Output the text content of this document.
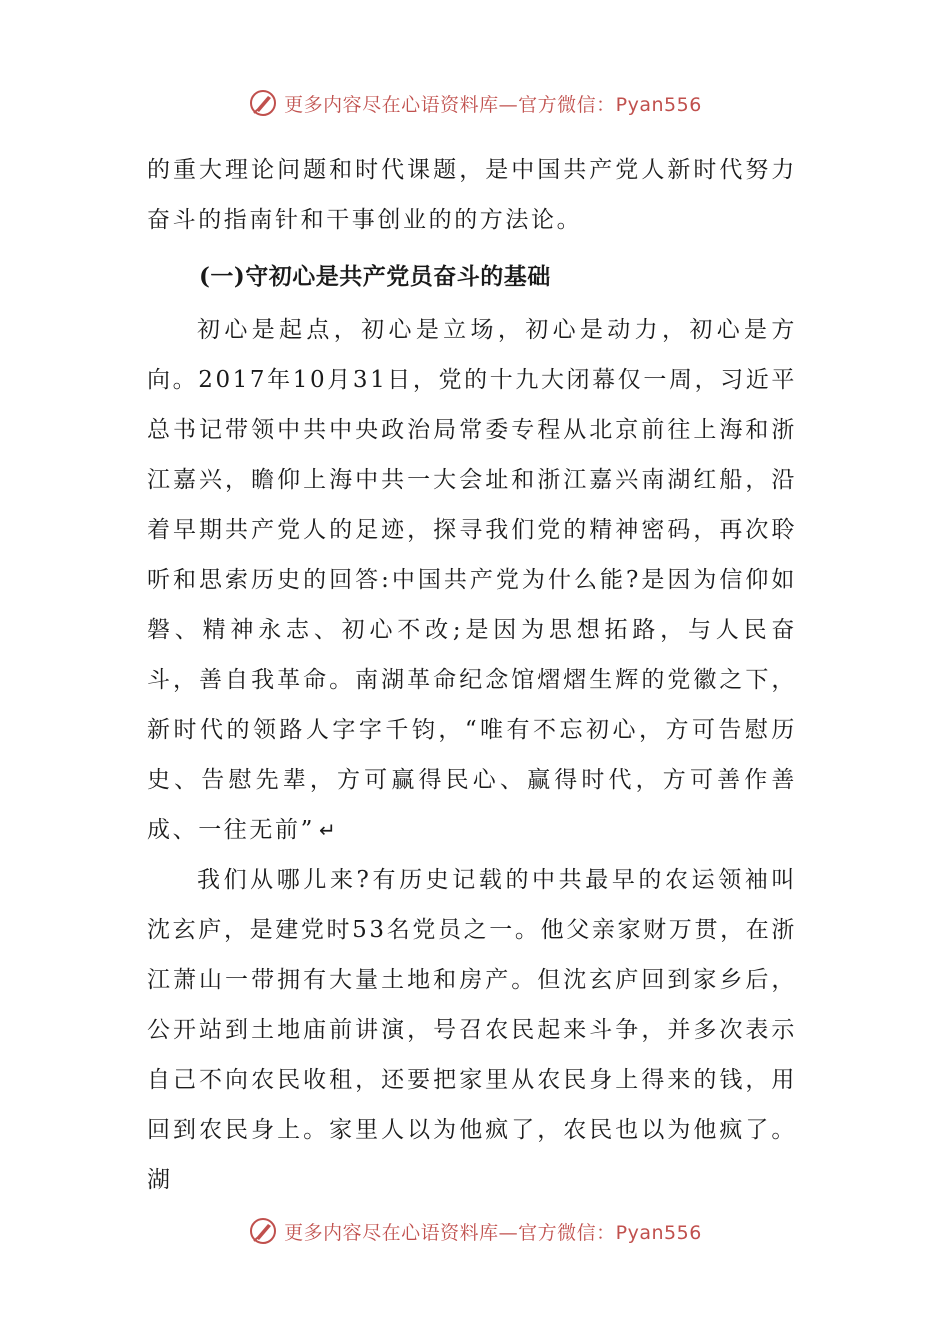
更多内容尽在心语资料库—官方微信：Pyan556

的重大理论问题和时代课题，是中国共产党人新时代努力奋斗的指南针和干事创业的的方法论。

(一)守初心是共产党员奋斗的基础

初心是起点，初心是立场，初心是动力，初心是方向。2017年10月31日，党的十九大闭幕仅一周，习近平总书记带领中共中央政治局常委专程从北京前往上海和浙江嘉兴，瞻仰上海中共一大会址和浙江嘉兴南湖红船，沿着早期共产党人的足迹，探寻我们党的精神密码，再次聆听和思索历史的回答:中国共产党为什么能?是因为信仰如磐、精神永志、初心不改;是因为思想拓路，与人民奋斗，善自我革命。南湖革命纪念馆熠熠生辉的党徽之下，新时代的领路人字字千钧，“唯有不忘初心，方可告慰历史、告慰先辈，方可赢得民心、赢得时代，方可善作善成、一往无前” ↵

我们从哪儿来?有历史记载的中共最早的农运领袖叫沈玄庐，是建党时53名党员之一。他父亲家财万贯，在浙江萧山一带拥有大量土地和房产。但沈玄庐回到家乡后，公开站到土地庙前讲演，号召农民起来斗争，并多次表示自己不向农民收租，还要把家里从农民身上得来的钱，用回到农民身上。家里人以为他疯了，农民也以为他疯了。湖

更多内容尽在心语资料库—官方微信：Pyan556
